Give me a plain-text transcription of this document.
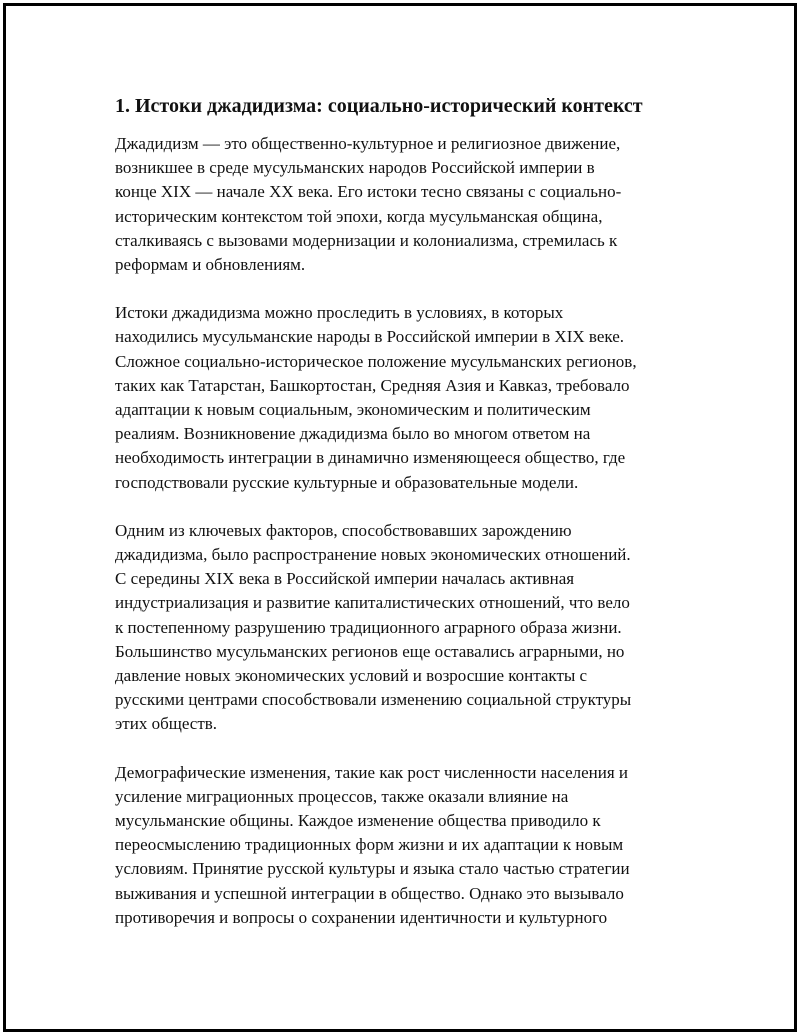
1. Истоки джадидизма: социально-исторический контекст

Джадидизм — это общественно-культурное и религиозное движение,
возникшее в среде мусульманских народов Российской империи в
конце XIX — начале XX века. Его истоки тесно связаны с социально-
историческим контекстом той эпохи, когда мусульманская община,
сталкиваясь с вызовами модернизации и колониализма, стремилась к
реформам и обновлениям.

Истоки джадидизма можно проследить в условиях, в которых
находились мусульманские народы в Российской империи в XIX веке.
Сложное социально-историческое положение мусульманских регионов,
таких как Татарстан, Башкортостан, Средняя Азия и Кавказ, требовало
адаптации к новым социальным, экономическим и политическим
реалиям. Возникновение джадидизма было во многом ответом на
необходимость интеграции в динамично изменяющееся общество, где
господствовали русские культурные и образовательные модели.

Одним из ключевых факторов, способствовавших зарождению
джадидизма, было распространение новых экономических отношений.
С середины XIX века в Российской империи началась активная
индустриализация и развитие капиталистических отношений, что вело
к постепенному разрушению традиционного аграрного образа жизни.
Большинство мусульманских регионов еще оставались аграрными, но
давление новых экономических условий и возросшие контакты с
русскими центрами способствовали изменению социальной структуры
этих обществ.

Демографические изменения, такие как рост численности населения и
усиление миграционных процессов, также оказали влияние на
мусульманские общины. Каждое изменение общества приводило к
переосмыслению традиционных форм жизни и их адаптации к новым
условиям. Принятие русской культуры и языка стало частью стратегии
выживания и успешной интеграции в общество. Однако это вызывало
противоречия и вопросы о сохранении идентичности и культурного
